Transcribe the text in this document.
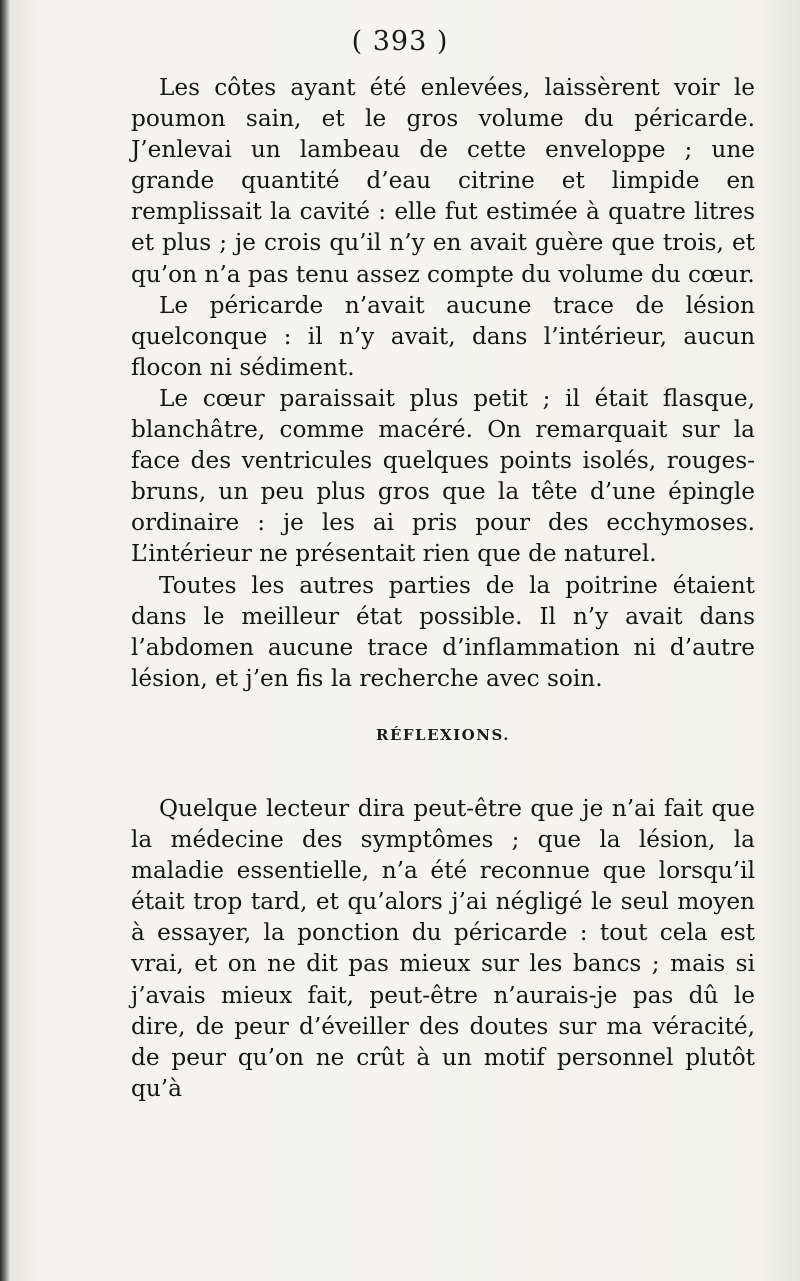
( 393 )

Les côtes ayant été enlevées, laissèrent voir le poumon sain, et le gros volume du péricarde. J’enlevai un lambeau de cette enveloppe ; une grande quantité d’eau citrine et limpide en remplissait la cavité : elle fut estimée à quatre litres et plus ; je crois qu’il n’y en avait guère que trois, et qu’on n’a pas tenu assez compte du volume du cœur.

Le péricarde n’avait aucune trace de lésion quelconque : il n’y avait, dans l’intérieur, aucun flocon ni sédiment.

Le cœur paraissait plus petit ; il était flasque, blanchâtre, comme macéré. On remarquait sur la face des ventricules quelques points isolés, rouges-bruns, un peu plus gros que la tête d’une épingle ordinaire : je les ai pris pour des ecchymoses. L’intérieur ne présentait rien que de naturel.

Toutes les autres parties de la poitrine étaient dans le meilleur état possible. Il n’y avait dans l’abdomen aucune trace d’inflammation ni d’autre lésion, et j’en fis la recherche avec soin.

RÉFLEXIONS.

Quelque lecteur dira peut-être que je n’ai fait que la médecine des symptômes ; que la lésion, la maladie essentielle, n’a été reconnue que lorsqu’il était trop tard, et qu’alors j’ai négligé le seul moyen à essayer, la ponction du péricarde : tout cela est vrai, et on ne dit pas mieux sur les bancs ; mais si j’avais mieux fait, peut-être n’aurais-je pas dû le dire, de peur d’éveiller des doutes sur ma véracité, de peur qu’on ne crût à un motif personnel plutôt qu’à
